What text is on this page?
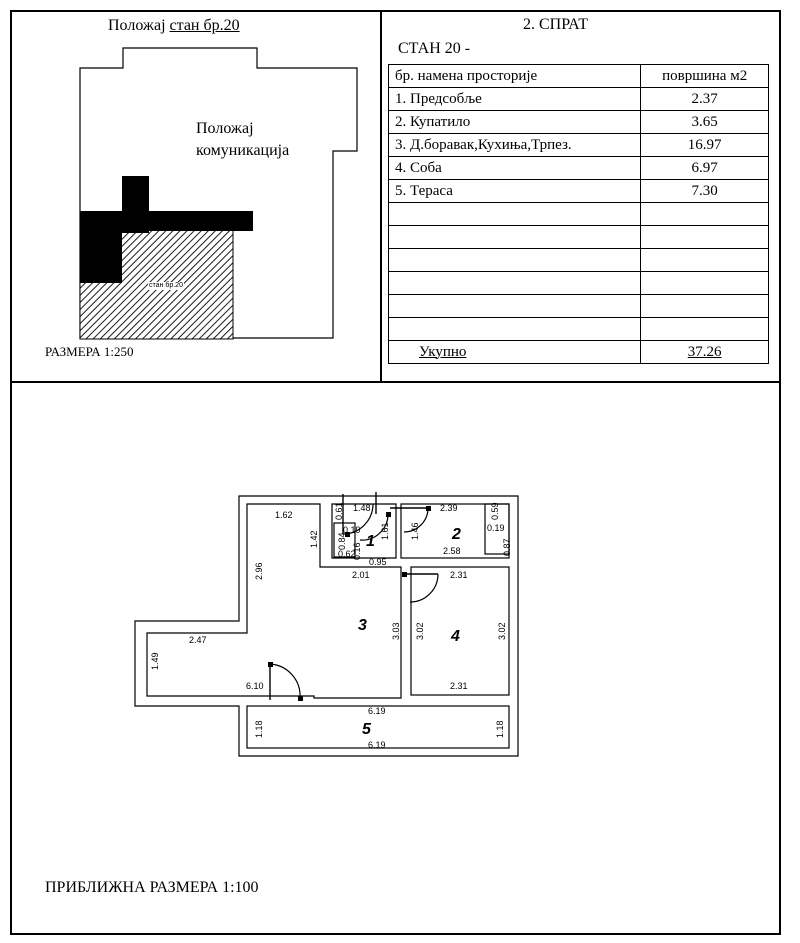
Положај стан бр.20
стан бр.20
Положај
комуникација
РАЗМЕРА 1:250
2. СПРАТ
СТАН 20 -
бр. намена просторије	површина м2
1. Предсобље	2.37
2. Купатило	3.65
3. Д.боравак,Кухиња,Трпез.	16.97
4. Соба	6.97
5. Тераса	7.30

Укупно	37.26
1	2
3
4
5
1.62
1.48
0.61	2.39	0.59
1.42
0.19
0.84
0.16
1.61 1.46	0.19
0.87
0.62
0.95
2.58
2.96	2.01	2.31
3.03 3.02	3.02
2.47
1.49
6.10	2.31
6.19
1.18	1.18
6.19
ПРИБЛИЖНА РАЗМЕРА 1:100
